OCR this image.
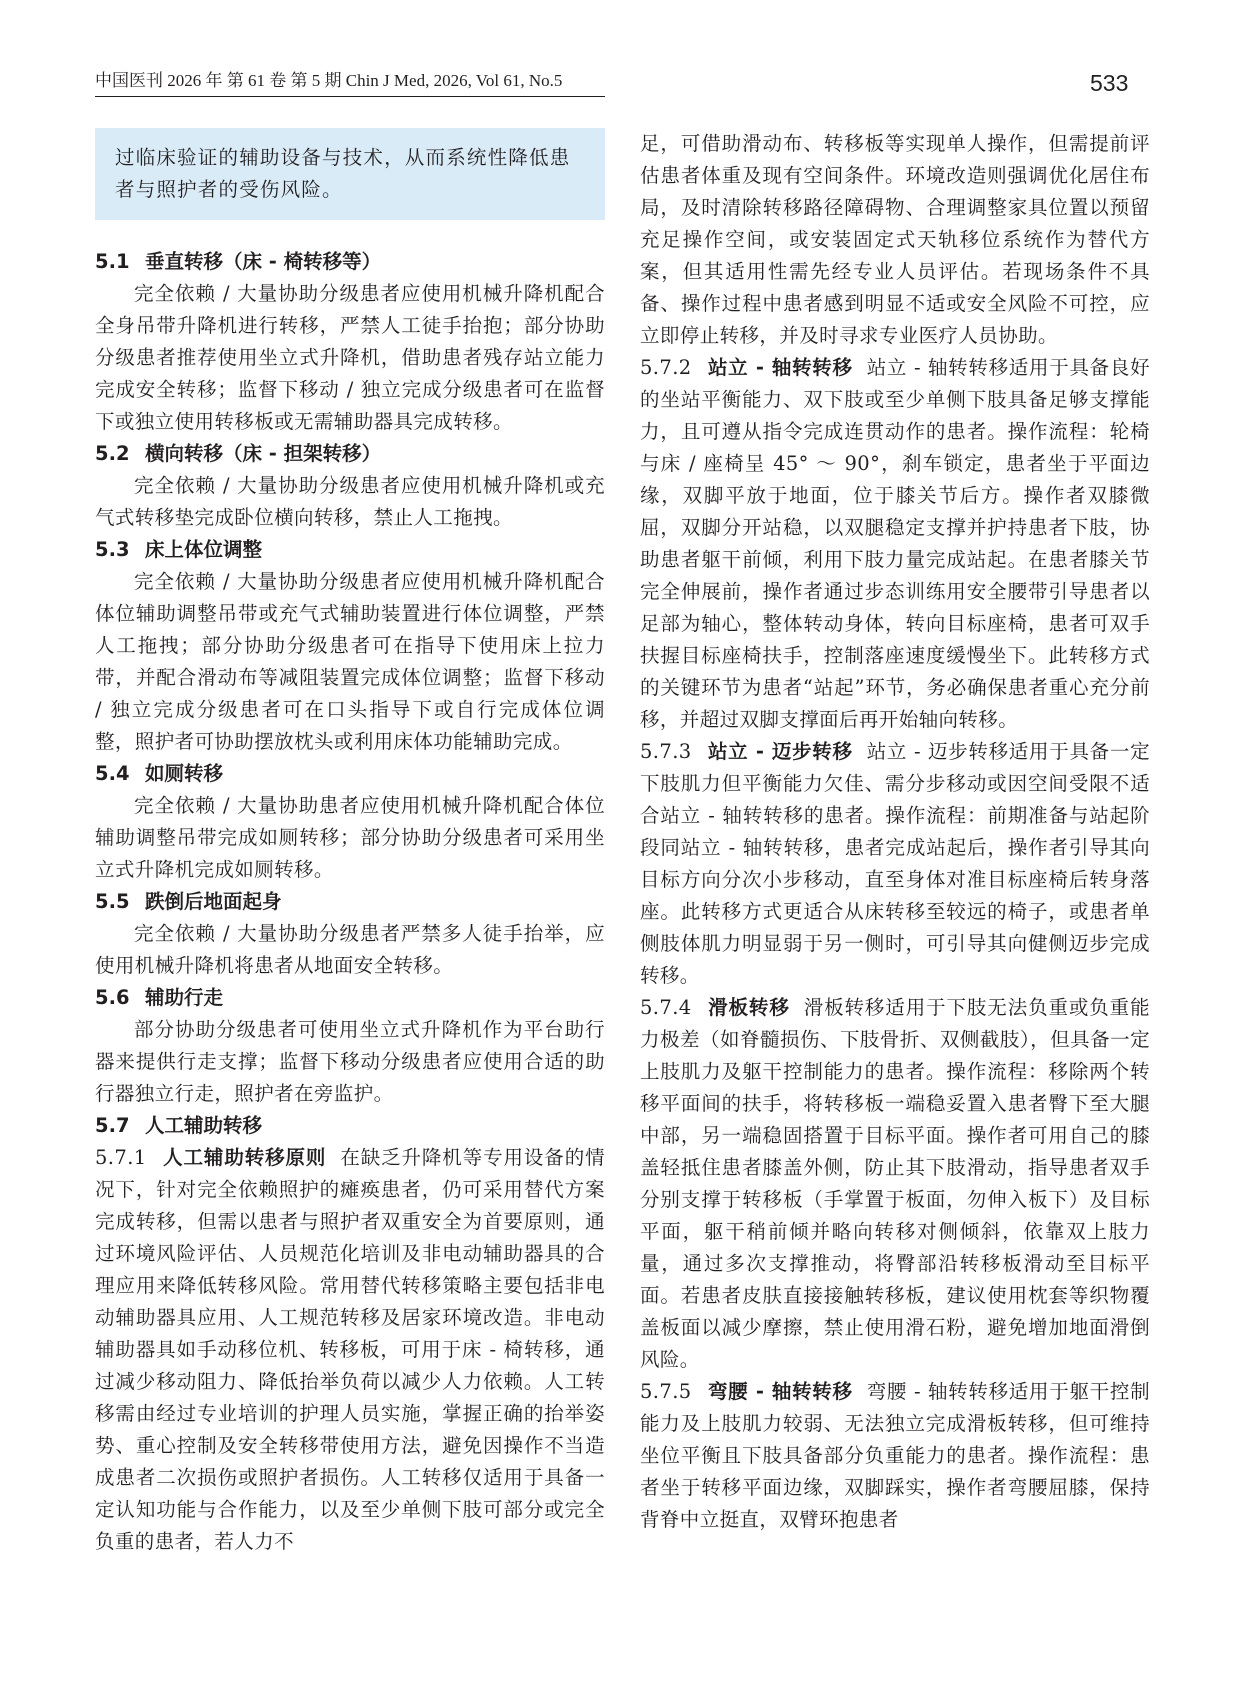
中国医刊 2026 年 第 61 卷 第 5 期 Chin J Med, 2026, Vol 61, No.5	533

过临床验证的辅助设备与技术，从而系统性降低患者与照护者的受伤风险。

5.1 垂直转移（床 - 椅转移等）

完全依赖 / 大量协助分级患者应使用机械升降机配合全身吊带升降机进行转移，严禁人工徒手抬抱；部分协助分级患者推荐使用坐立式升降机，借助患者残存站立能力完成安全转移；监督下移动 / 独立完成分级患者可在监督下或独立使用转移板或无需辅助器具完成转移。

5.2 横向转移（床 - 担架转移）

完全依赖 / 大量协助分级患者应使用机械升降机或充气式转移垫完成卧位横向转移，禁止人工拖拽。

5.3 床上体位调整

完全依赖 / 大量协助分级患者应使用机械升降机配合体位辅助调整吊带或充气式辅助装置进行体位调整，严禁人工拖拽；部分协助分级患者可在指导下使用床上拉力带，并配合滑动布等减阻装置完成体位调整；监督下移动 / 独立完成分级患者可在口头指导下或自行完成体位调整，照护者可协助摆放枕头或利用床体功能辅助完成。

5.4 如厕转移

完全依赖 / 大量协助患者应使用机械升降机配合体位辅助调整吊带完成如厕转移；部分协助分级患者可采用坐立式升降机完成如厕转移。

5.5 跌倒后地面起身

完全依赖 / 大量协助分级患者严禁多人徒手抬举，应使用机械升降机将患者从地面安全转移。

5.6 辅助行走

部分协助分级患者可使用坐立式升降机作为平台助行器来提供行走支撑；监督下移动分级患者应使用合适的助行器独立行走，照护者在旁监护。

5.7 人工辅助转移

5.7.1 人工辅助转移原则 在缺乏升降机等专用设备的情况下，针对完全依赖照护的瘫痪患者，仍可采用替代方案完成转移，但需以患者与照护者双重安全为首要原则，通过环境风险评估、人员规范化培训及非电动辅助器具的合理应用来降低转移风险。常用替代转移策略主要包括非电动辅助器具应用、人工规范转移及居家环境改造。非电动辅助器具如手动移位机、转移板，可用于床 - 椅转移，通过减少移动阻力、降低抬举负荷以减少人力依赖。人工转移需由经过专业培训的护理人员实施，掌握正确的抬举姿势、重心控制及安全转移带使用方法，避免因操作不当造成患者二次损伤或照护者损伤。人工转移仅适用于具备一定认知功能与合作能力，以及至少单侧下肢可部分或完全负重的患者，若人力不

足，可借助滑动布、转移板等实现单人操作，但需提前评估患者体重及现有空间条件。环境改造则强调优化居住布局，及时清除转移路径障碍物、合理调整家具位置以预留充足操作空间，或安装固定式天轨移位系统作为替代方案，但其适用性需先经专业人员评估。若现场条件不具备、操作过程中患者感到明显不适或安全风险不可控，应立即停止转移，并及时寻求专业医疗人员协助。

5.7.2 站立 - 轴转转移 站立 - 轴转转移适用于具备良好的坐站平衡能力、双下肢或至少单侧下肢具备足够支撑能力，且可遵从指令完成连贯动作的患者。操作流程：轮椅与床 / 座椅呈 45° ～ 90°，刹车锁定，患者坐于平面边缘，双脚平放于地面，位于膝关节后方。操作者双膝微屈，双脚分开站稳，以双腿稳定支撑并护持患者下肢，协助患者躯干前倾，利用下肢力量完成站起。在患者膝关节完全伸展前，操作者通过步态训练用安全腰带引导患者以足部为轴心，整体转动身体，转向目标座椅，患者可双手扶握目标座椅扶手，控制落座速度缓慢坐下。此转移方式的关键环节为患者“站起”环节，务必确保患者重心充分前移，并超过双脚支撑面后再开始轴向转移。

5.7.3 站立 - 迈步转移 站立 - 迈步转移适用于具备一定下肢肌力但平衡能力欠佳、需分步移动或因空间受限不适合站立 - 轴转转移的患者。操作流程：前期准备与站起阶段同站立 - 轴转转移，患者完成站起后，操作者引导其向目标方向分次小步移动，直至身体对准目标座椅后转身落座。此转移方式更适合从床转移至较远的椅子，或患者单侧肢体肌力明显弱于另一侧时，可引导其向健侧迈步完成转移。

5.7.4 滑板转移 滑板转移适用于下肢无法负重或负重能力极差（如脊髓损伤、下肢骨折、双侧截肢），但具备一定上肢肌力及躯干控制能力的患者。操作流程：移除两个转移平面间的扶手，将转移板一端稳妥置入患者臀下至大腿中部，另一端稳固搭置于目标平面。操作者可用自己的膝盖轻抵住患者膝盖外侧，防止其下肢滑动，指导患者双手分别支撑于转移板（手掌置于板面，勿伸入板下）及目标平面，躯干稍前倾并略向转移对侧倾斜，依靠双上肢力量，通过多次支撑推动，将臀部沿转移板滑动至目标平面。若患者皮肤直接接触转移板，建议使用枕套等织物覆盖板面以减少摩擦，禁止使用滑石粉，避免增加地面滑倒风险。

5.7.5 弯腰 - 轴转转移 弯腰 - 轴转转移适用于躯干控制能力及上肢肌力较弱、无法独立完成滑板转移，但可维持坐位平衡且下肢具备部分负重能力的患者。操作流程：患者坐于转移平面边缘，双脚踩实，操作者弯腰屈膝，保持背脊中立挺直，双臂环抱患者
